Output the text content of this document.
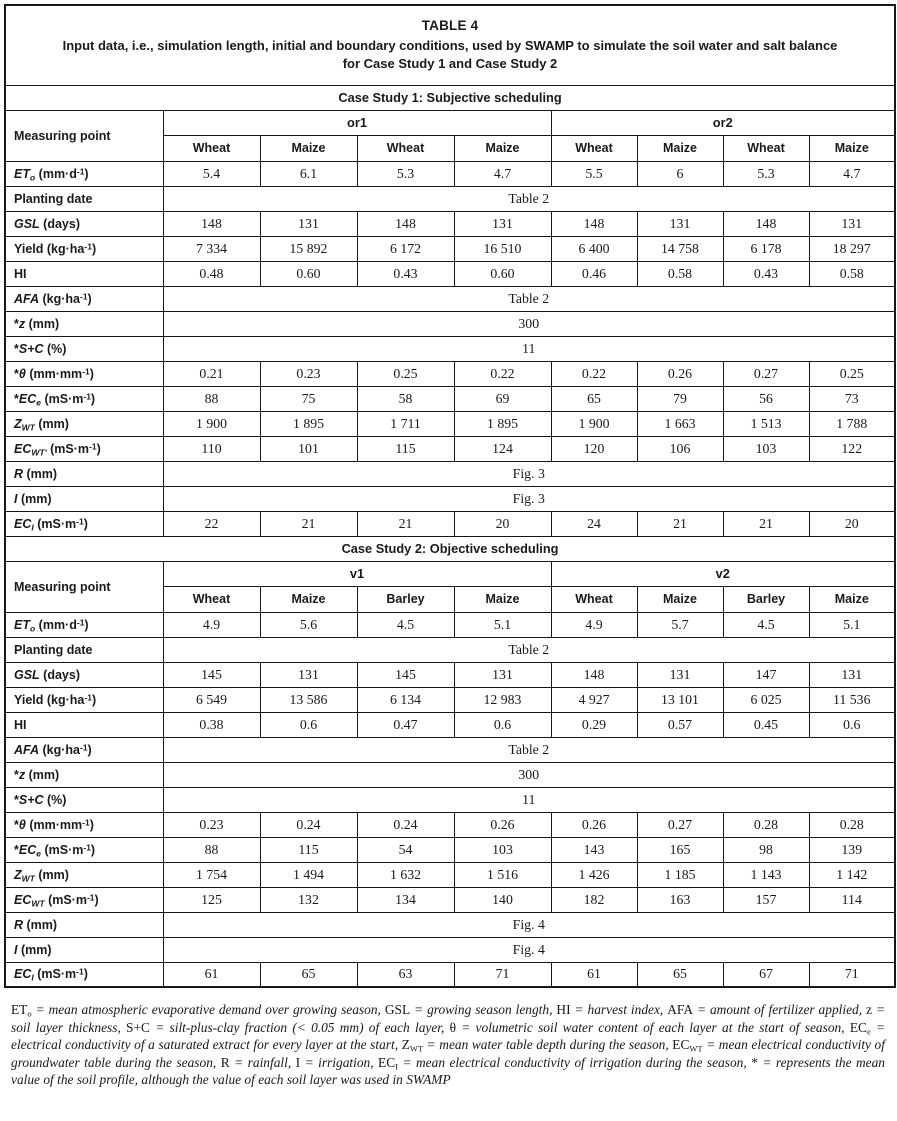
TABLE 4
Input data, i.e., simulation length, initial and boundary conditions, used by SWAMP to simulate the soil water and salt balance
for Case Study 1 and Case Study 2								

Case Study 1: Subjective scheduling								
Measuring point	or1				or2			
	Wheat	Maize	Wheat	Maize	Wheat	Maize	Wheat	Maize
$ET_o$ $(mm\cdot d^{-1})$	5.4	6.1	5.3	4.7	5.5	6	5.3	4.7
Planting date	Table 2							
GSL (days)	148	131	148	131	148	131	148	131
Yield $(kg\cdot ha^{-1})$	7 334	15 892	6 172	16 510	6 400	14 758	6 178	18 297
HI	0.48	0.60	0.43	0.60	0.46	0.58	0.43	0.58
AFA $(kg\cdot ha^{-1})$	Table 2							
*z (mm)	300							
*S+C (%)	11							
*θ $(mm\cdot mm^{-1})$	0.21	0.23	0.25	0.22	0.22	0.26	0.27	0.25
$*EC_e$ $(mS\cdot m^{-1})$	88	75	58	69	65	79	56	73
$Z_{WT}$ (mm)	1 900	1 895	1 711	1 895	1 900	1 663	1 513	1 788
$EC_{WT'}$ $(mS\cdot m^{-1})$	110	101	115	124	120	106	103	122
R (mm)	Fig. 3							
I (mm)	Fig. 3							
$EC_I$ $(mS\cdot m^{-1})$	22	21	21	20	24	21	21	20
Case Study 2: Objective scheduling								
Measuring point	v1				v2			
	Wheat	Maize	Barley	Maize	Wheat	Maize	Barley	Maize
$ET_o$ $(mm\cdot d^{-1})$	4.9	5.6	4.5	5.1	4.9	5.7	4.5	5.1
Planting date	Table 2							
GSL (days)	145	131	145	131	148	131	147	131
Yield $(kg\cdot ha^{-1})$	6 549	13 586	6 134	12 983	4 927	13 101	6 025	11 536
HI	0.38	0.6	0.47	0.6	0.29	0.57	0.45	0.6
AFA $(kg\cdot ha^{-1})$	Table 2							
*z (mm)	300							
*S+C (%)	11							
*θ $(mm\cdot mm^{-1})$	0.23	0.24	0.24	0.26	0.26	0.27	0.28	0.28
$*EC_e$ $(mS\cdot m^{-1})$	88	115	54	103	143	165	98	139
$Z_{WT}$ (mm)	1 754	1 494	1 632	1 516	1 426	1 185	1 143	1 142
$EC_{WT}$ $(mS\cdot m^{-1})$	125	132	134	140	182	163	157	114
R (mm)	Fig. 4							
I (mm)	Fig. 4							
$EC_I$ $(mS\cdot m^{-1})$	61	65	63	71	61	65	67	71
$ET_o$ = mean atmospheric evaporative demand over growing season, GSL = growing season length, HI = harvest index, AFA = amount of fertilizer applied, z = soil layer thickness, S+C = silt-plus-clay fraction (< 0.05 mm) of each layer, θ = volumetric soil water content of each layer at the start of season, $EC_e$ = electrical conductivity of a saturated extract for every layer at the start, $Z_{WT}$ = mean water table depth during the season, $EC_{WT}$ = mean electrical conductivity of groundwater table during the season, R = rainfall, I = irrigation, $EC_I$ = mean electrical conductivity of irrigation during the season, * = represents the mean value of the soil profile, although the value of each soil layer was used in SWAMP
